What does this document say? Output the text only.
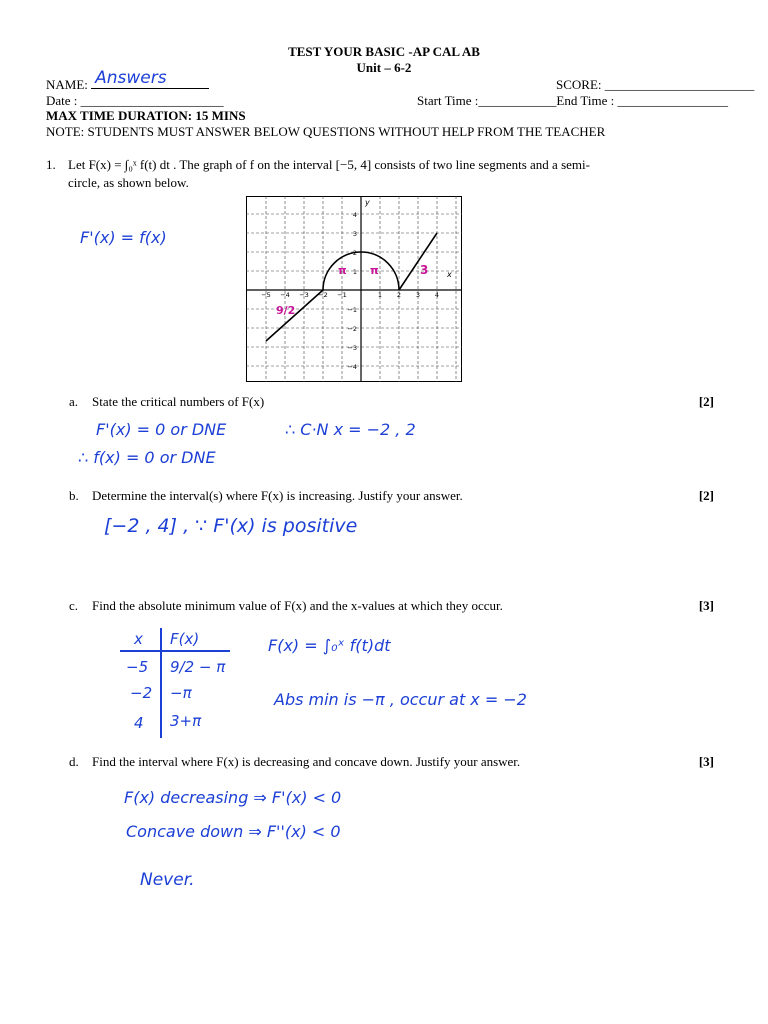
TEST YOUR BASIC -AP CAL AB
Unit – 6-2
NAME: Answers	SCORE: _______________________
Date : ______________________	Start Time :____________End Time : _________________
MAX TIME DURATION: 15 MINS
NOTE: STUDENTS MUST ANSWER BELOW QUESTIONS WITHOUT HELP FROM THE TEACHER
1. Let F(x) = ∫₀ˣ f(t) dt . The graph of f on the interval [−5, 4] consists of two line segments and a semi-
circle, as shown below.
F'(x) = f(x)
y
x
−5 −4 −3 −2 −1	1 2 3 4
4
3
2
1
−1
−2
−3
−4
9/2
π π	3
a. State the critical numbers of F(x)	[2]
F'(x) = 0 or DNE	∴ C·N x = −2 , 2
∴ f(x) = 0 or DNE
b. Determine the interval(s) where F(x) is increasing. Justify your answer.	[2]
[−2 , 4] , ∵ F'(x) is positive
c. Find the absolute minimum value of F(x) and the x-values at which they occur.	[3]
x F(x)
−5 9/2 − π
−2 −π
4 3+π
F(x) = ∫₀ˣ f(t)dt
Abs min is −π , occur at x = −2
d. Find the interval where F(x) is decreasing and concave down. Justify your answer.	[3]
F(x) decreasing ⇒ F'(x) < 0
Concave down ⇒ F''(x) < 0
Never.
